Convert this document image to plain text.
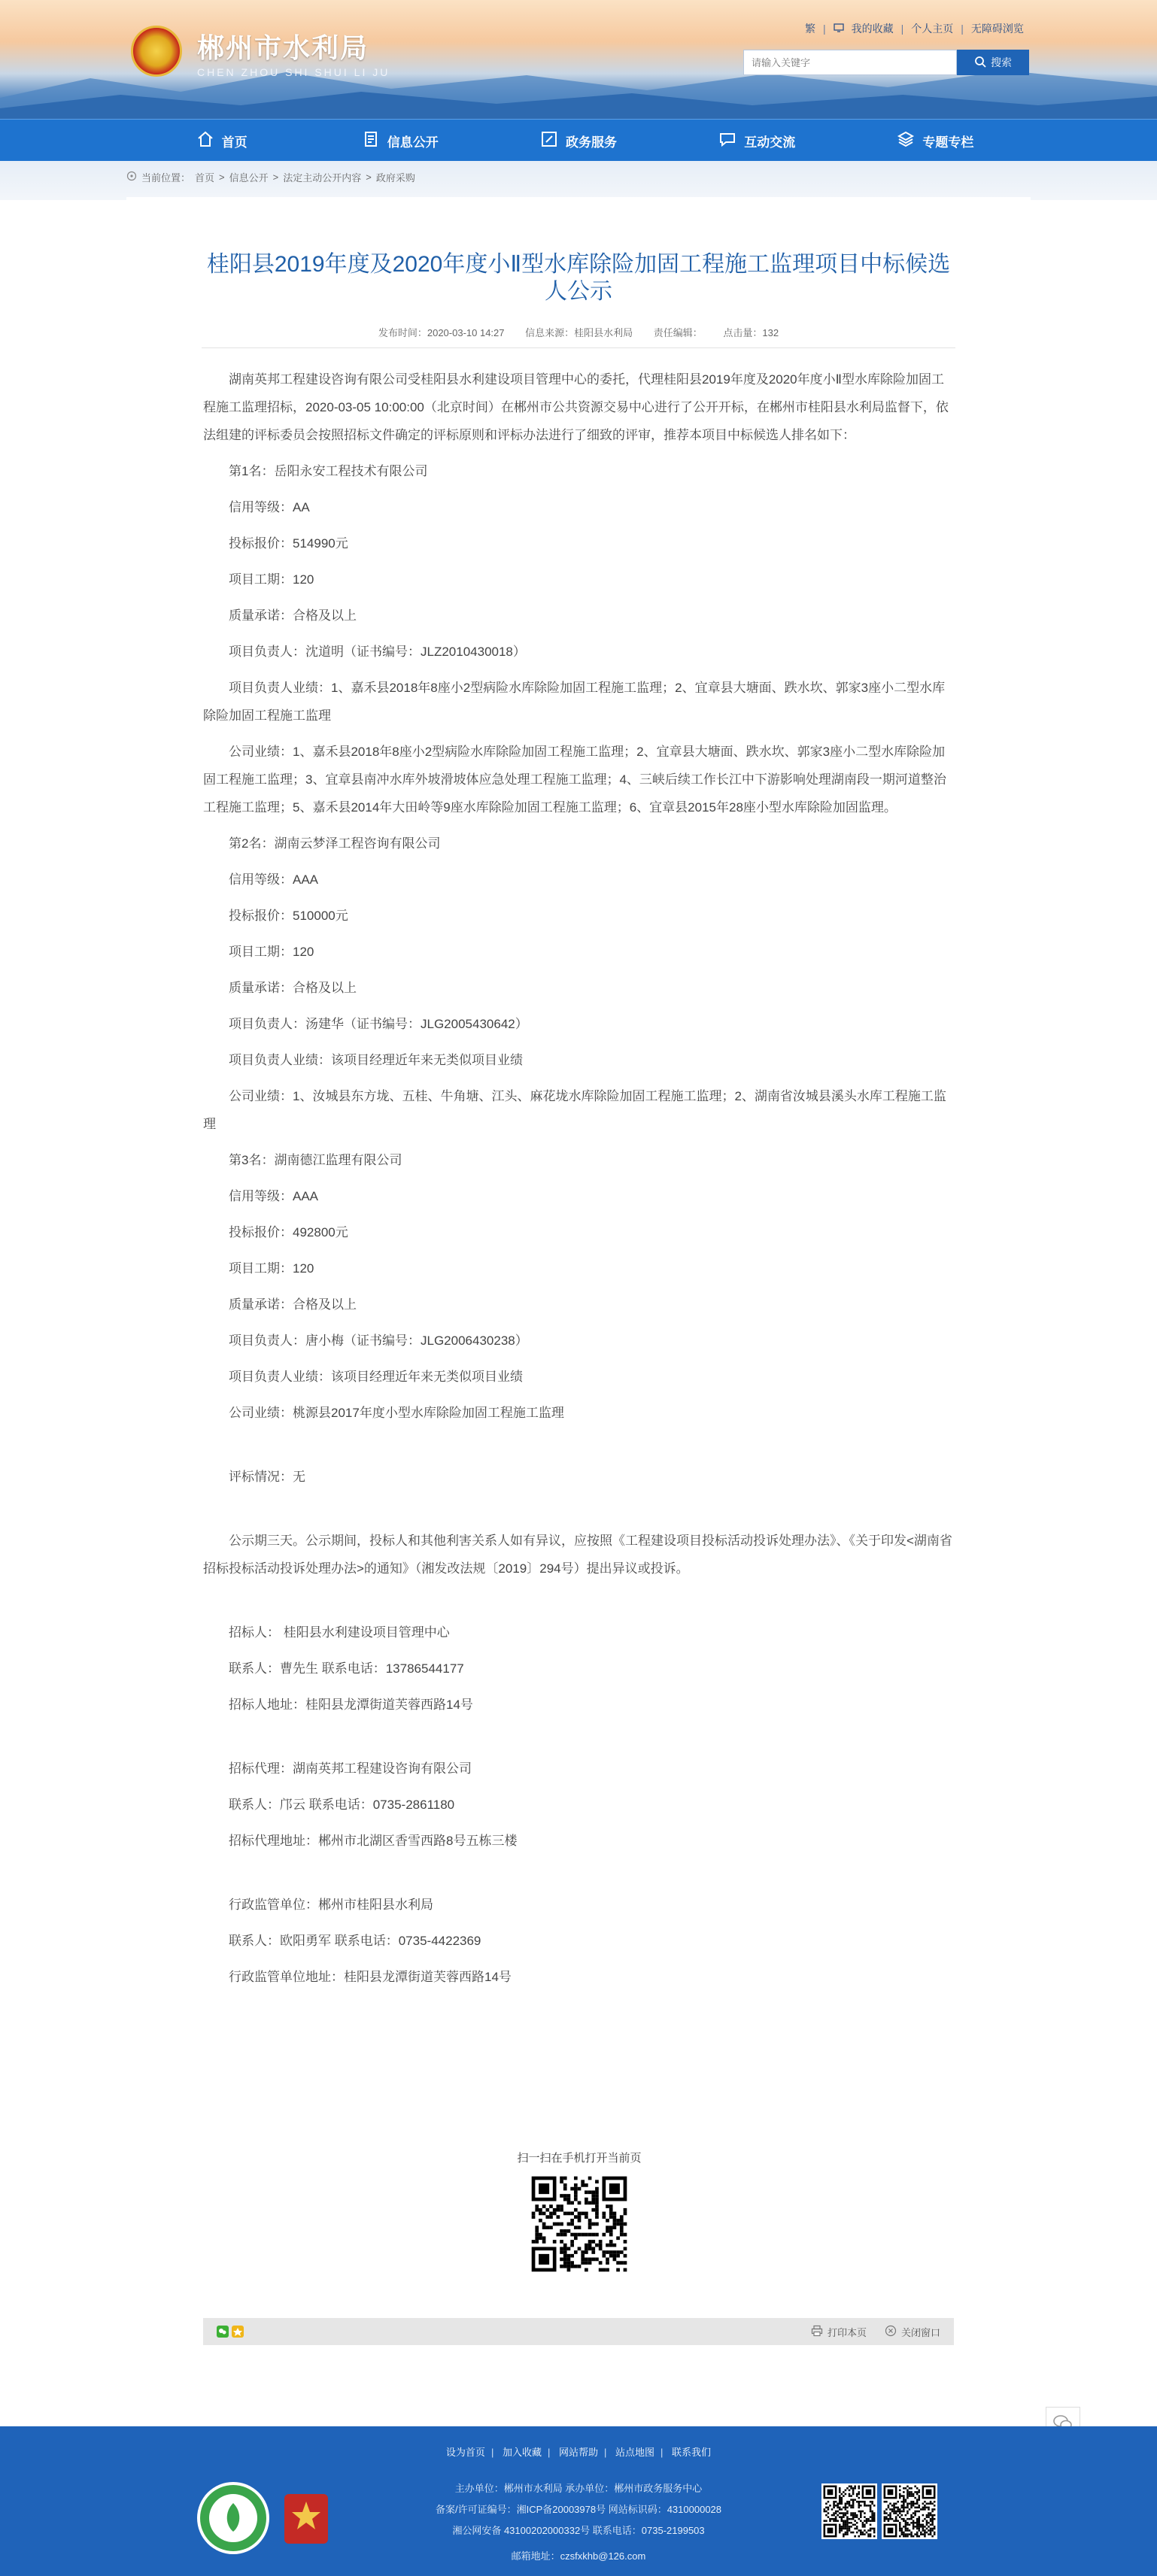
郴州市水利局
CHEN ZHOU SHI SHUI LI JU
繁 | 我的收藏 | 个人主页 | 无障碍浏览
请输入关键字
搜索
首页	信息公开	政务服务	互动交流	专题专栏
当前位置： 首页 > 信息公开 > 法定主动公开内容 > 政府采购
桂阳县2019年度及2020年度小Ⅱ型水库除险加固工程施工监理项目中标候选人公示
发布时间：2020-03-10 14:27 信息来源：桂阳县水利局 责任编辑： 点击量：132

湖南英邦工程建设咨询有限公司受桂阳县水利建设项目管理中心的委托，代理桂阳县2019年度及2020年度小Ⅱ型水库除险加固工程施工监理招标，2020-03-05 10:00:00（北京时间）在郴州市公共资源交易中心进行了公开开标，在郴州市桂阳县水利局监督下，依法组建的评标委员会按照招标文件确定的评标原则和评标办法进行了细致的评审，推荐本项目中标候选人排名如下：

第1名：岳阳永安工程技术有限公司

信用等级：AA

投标报价：514990元

项目工期：120

质量承诺：合格及以上

项目负责人：沈道明（证书编号：JLZ2010430018）

项目负责人业绩：1、嘉禾县2018年8座小2型病险水库除险加固工程施工监理；2、宜章县大塘面、跌水坎、郭家3座小二型水库除险加固工程施工监理

公司业绩：1、嘉禾县2018年8座小2型病险水库除险加固工程施工监理；2、宜章县大塘面、跌水坎、郭家3座小二型水库除险加固工程施工监理；3、宜章县南冲水库外坡滑坡体应急处理工程施工监理；4、三峡后续工作长江中下游影响处理湖南段一期河道整治工程施工监理；5、嘉禾县2014年大田岭等9座水库除险加固工程施工监理；6、宜章县2015年28座小型水库除险加固监理。

第2名：湖南云梦泽工程咨询有限公司

信用等级：AAA

投标报价：510000元

项目工期：120

质量承诺：合格及以上

项目负责人：汤建华（证书编号：JLG2005430642）

项目负责人业绩：该项目经理近年来无类似项目业绩

公司业绩：1、汝城县东方垅、五桂、牛角塘、江头、麻花垅水库除险加固工程施工监理；2、湖南省汝城县溪头水库工程施工监理

第3名：湖南德江监理有限公司

信用等级：AAA

投标报价：492800元

项目工期：120

质量承诺：合格及以上

项目负责人：唐小梅（证书编号：JLG2006430238）

项目负责人业绩：该项目经理近年来无类似项目业绩

公司业绩：桃源县2017年度小型水库除险加固工程施工监理

评标情况：无

公示期三天。公示期间，投标人和其他利害关系人如有异议，应按照《工程建设项目投标活动投诉处理办法》、《关于印发<湖南省招标投标活动投诉处理办法>的通知》（湘发改法规〔2019〕294号）提出异议或投诉。

招标人： 桂阳县水利建设项目管理中心

联系人：曹先生 联系电话：13786544177

招标人地址：桂阳县龙潭街道芙蓉西路14号

招标代理：湖南英邦工程建设咨询有限公司

联系人：邝云 联系电话：0735-2861180

招标代理地址：郴州市北湖区香雪西路8号五栋三楼

行政监管单位：郴州市桂阳县水利局

联系人：欧阳勇军 联系电话：0735-4422369

行政监管单位地址：桂阳县龙潭街道芙蓉西路14号

扫一扫在手机打开当前页
打印本页	关闭窗口
设为首页 | 加入收藏 | 网站帮助 | 站点地图 | 联系我们
主办单位：郴州市水利局 承办单位：郴州市政务服务中心
备案/许可证编号：湘ICP备20003978号 网站标识码：4310000028
湘公网安备 43100202000332号 联系电话：0735-2199503
邮箱地址：czsfxkhb@126.com
